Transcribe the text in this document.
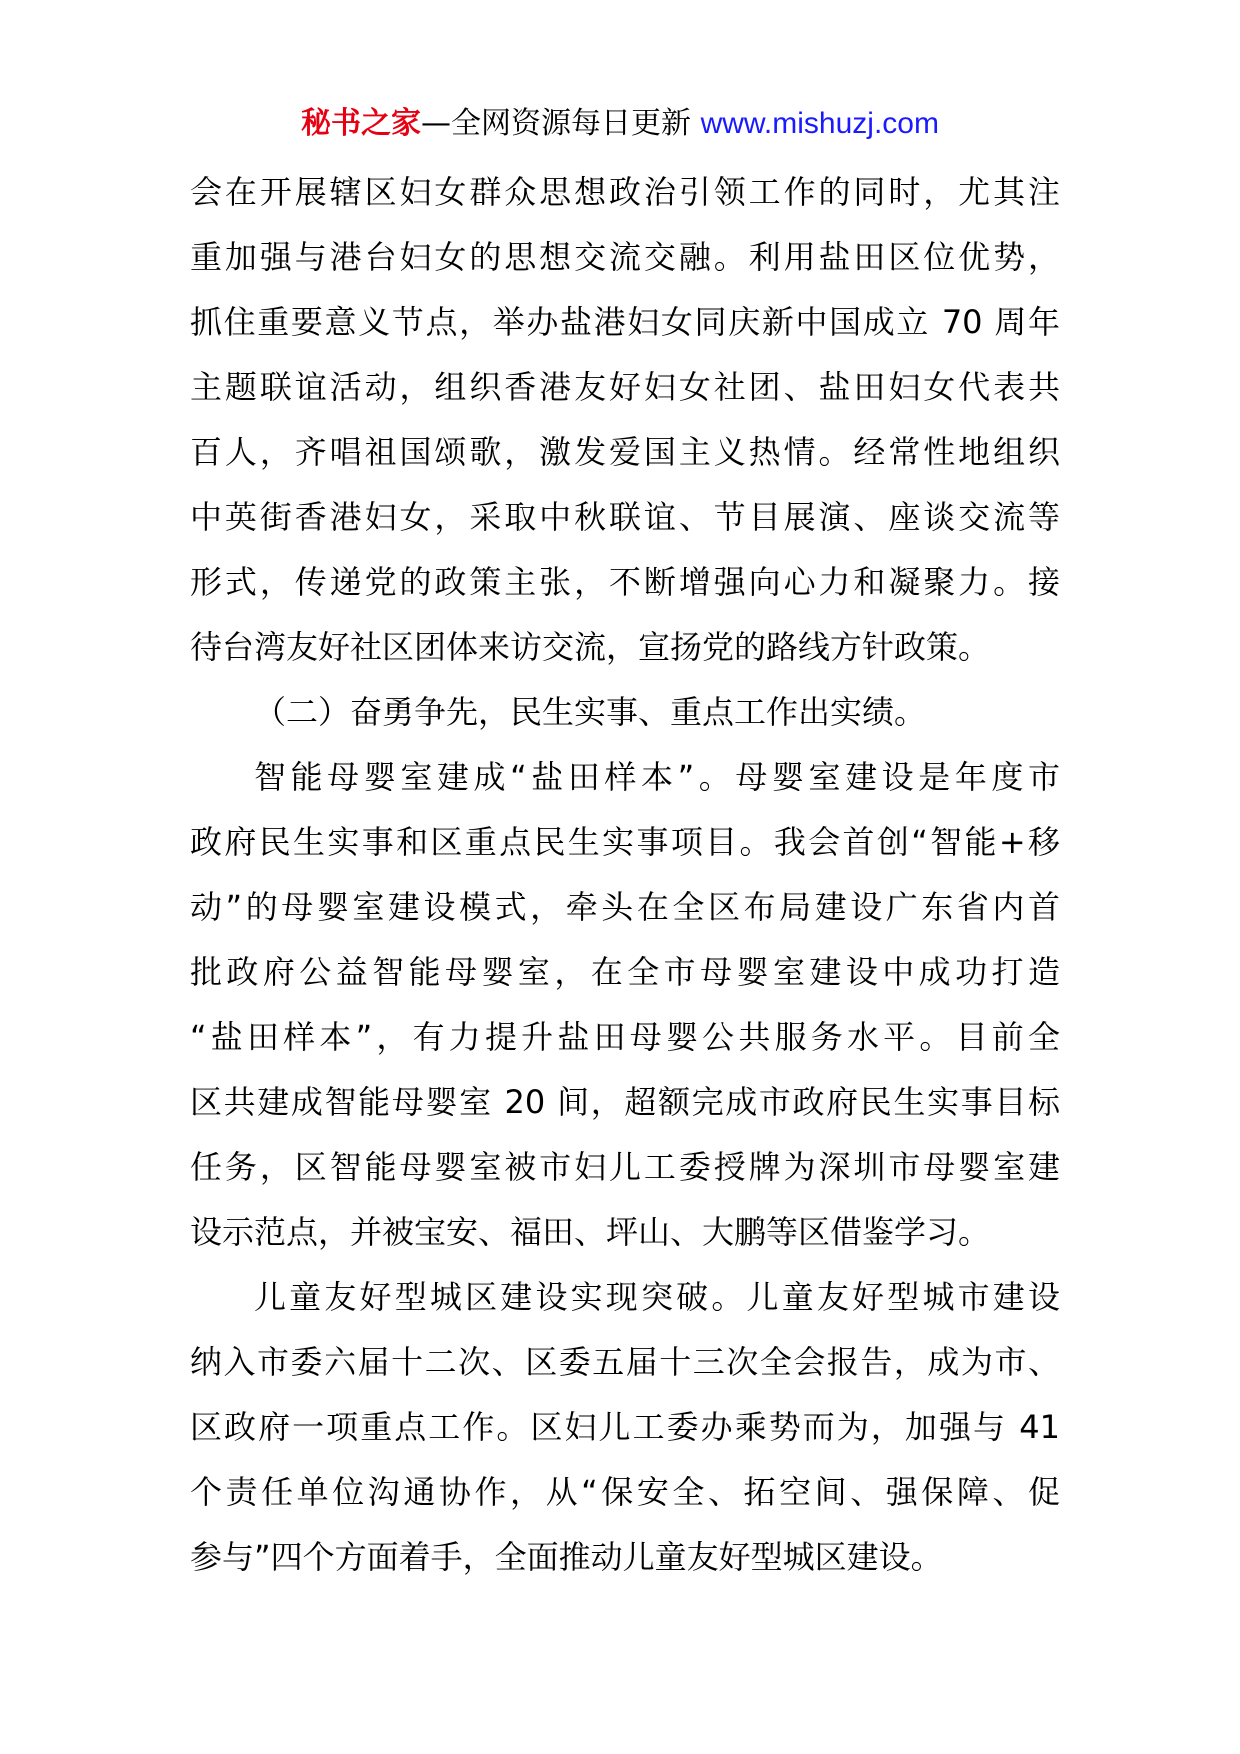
秘书之家—全网资源每日更新 www.mishuzj.com
会在开展辖区妇女群众思想政治引领工作的同时，尤其注
重加强与港台妇女的思想交流交融。利用盐田区位优势，
抓住重要意义节点，举办盐港妇女同庆新中国成立 70 周年
主题联谊活动，组织香港友好妇女社团、盐田妇女代表共
百人，齐唱祖国颂歌，激发爱国主义热情。经常性地组织
中英街香港妇女，采取中秋联谊、节目展演、座谈交流等
形式，传递党的政策主张，不断增强向心力和凝聚力。接
待台湾友好社区团体来访交流，宣扬党的路线方针政策。
（二）奋勇争先，民生实事、重点工作出实绩。
智能母婴室建成“盐田样本”。母婴室建设是年度市
政府民生实事和区重点民生实事项目。我会首创“智能+移
动”的母婴室建设模式，牵头在全区布局建设广东省内首
批政府公益智能母婴室，在全市母婴室建设中成功打造
“盐田样本”，有力提升盐田母婴公共服务水平。目前全
区共建成智能母婴室 20 间，超额完成市政府民生实事目标
任务，区智能母婴室被市妇儿工委授牌为深圳市母婴室建
设示范点，并被宝安、福田、坪山、大鹏等区借鉴学习。
儿童友好型城区建设实现突破。儿童友好型城市建设
纳入市委六届十二次、区委五届十三次全会报告，成为市、
区政府一项重点工作。区妇儿工委办乘势而为，加强与 41
个责任单位沟通协作，从“保安全、拓空间、强保障、促
参与”四个方面着手，全面推动儿童友好型城区建设。
